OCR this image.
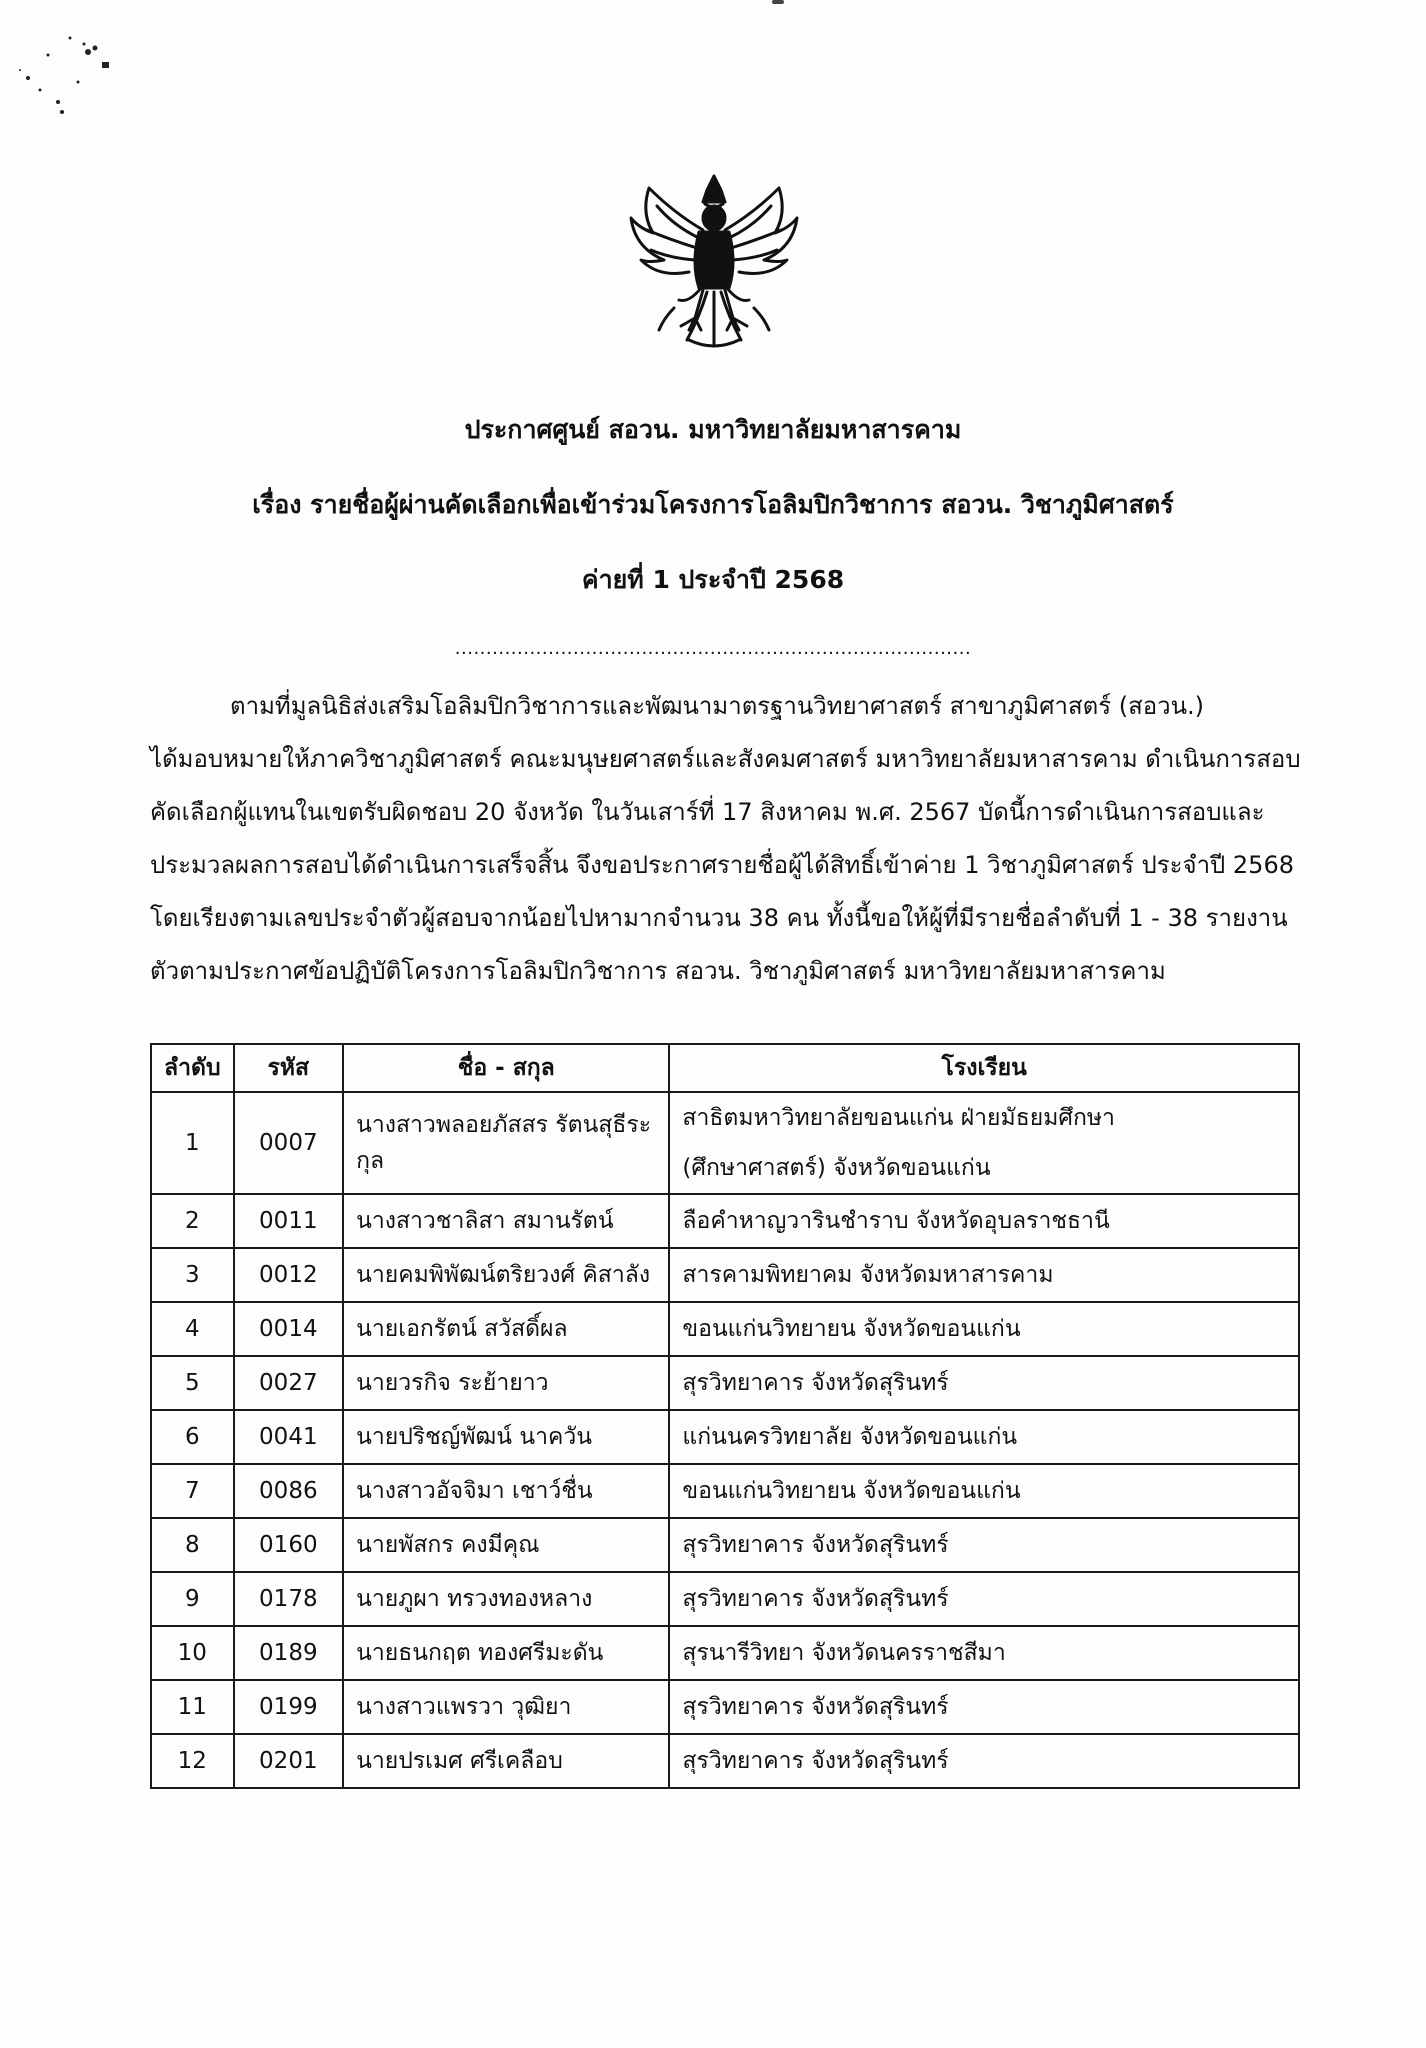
ประกาศศูนย์ สอวน. มหาวิทยาลัยมหาสารคาม
เรื่อง รายชื่อผู้ผ่านคัดเลือกเพื่อเข้าร่วมโครงการโอลิมปิกวิชาการ สอวน. วิชาภูมิศาสตร์
ค่ายที่ 1 ประจำปี 2568
...................................................................................
ตามที่มูลนิธิส่งเสริมโอลิมปิกวิชาการและพัฒนามาตรฐานวิทยาศาสตร์ สาขาภูมิศาสตร์ (สอวน.)
ได้มอบหมายให้ภาควิชาภูมิศาสตร์ คณะมนุษยศาสตร์และสังคมศาสตร์ มหาวิทยาลัยมหาสารคาม ดำเนินการสอบ
คัดเลือกผู้แทนในเขตรับผิดชอบ 20 จังหวัด ในวันเสาร์ที่ 17 สิงหาคม พ.ศ. 2567 บัดนี้การดำเนินการสอบและ
ประมวลผลการสอบได้ดำเนินการเสร็จสิ้น จึงขอประกาศรายชื่อผู้ได้สิทธิ์เข้าค่าย 1 วิชาภูมิศาสตร์ ประจำปี 2568
โดยเรียงตามเลขประจำตัวผู้สอบจากน้อยไปหามากจำนวน 38 คน ทั้งนี้ขอให้ผู้ที่มีรายชื่อลำดับที่ 1 - 38 รายงาน
ตัวตามประกาศข้อปฏิบัติโครงการโอลิมปิกวิชาการ สอวน. วิชาภูมิศาสตร์ มหาวิทยาลัยมหาสารคาม
ลำดับ	รหัส	ชื่อ - สกุล	โรงเรียน
1	0007	นางสาวพลอยภัสสร รัตนสุธีระกุล	สาธิตมหาวิทยาลัยขอนแก่น ฝ่ายมัธยมศึกษา
(ศึกษาศาสตร์) จังหวัดขอนแก่น

2	0011	นางสาวชาลิสา สมานรัตน์	ลือคำหาญวารินชำราบ จังหวัดอุบลราชธานี

3	0012	นายคมพิพัฒน์ตริยวงศ์ คิสาลัง	สารคามพิทยาคม จังหวัดมหาสารคาม

4	0014	นายเอกรัตน์ สวัสดิ์ผล	ขอนแก่นวิทยายน จังหวัดขอนแก่น

5	0027	นายวรกิจ ระย้ายาว	สุรวิทยาคาร จังหวัดสุรินทร์

6	0041	นายปริชญ์พัฒน์ นาควัน	แก่นนครวิทยาลัย จังหวัดขอนแก่น

7	0086	นางสาวอัจจิมา เชาว์ชื่น	ขอนแก่นวิทยายน จังหวัดขอนแก่น

8	0160	นายพัสกร คงมีคุณ	สุรวิทยาคาร จังหวัดสุรินทร์

9	0178	นายภูผา ทรวงทองหลาง	สุรวิทยาคาร จังหวัดสุรินทร์

10	0189	นายธนกฤต ทองศรีมะดัน	สุรนารีวิทยา จังหวัดนครราชสีมา

11	0199	นางสาวแพรวา วุฒิยา	สุรวิทยาคาร จังหวัดสุรินทร์

12	0201	นายปรเมศ ศรีเคลือบ	สุรวิทยาคาร จังหวัดสุรินทร์
